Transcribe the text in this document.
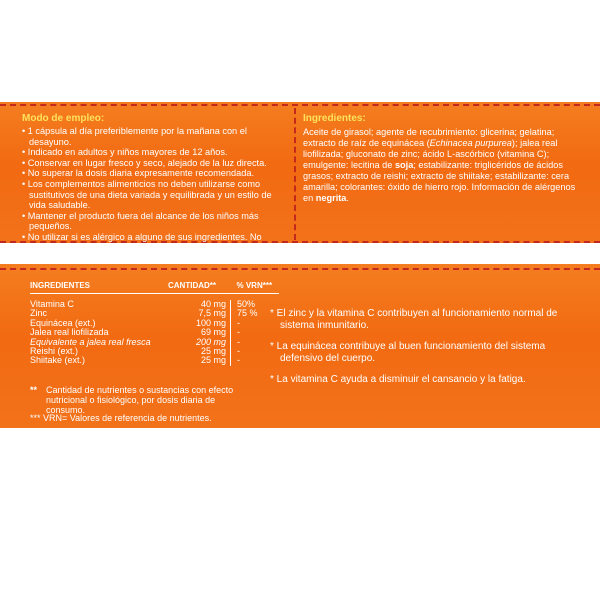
Modo de empleo:
• 1 cápsula al día preferiblemente por la mañana con el desayuno.
• Indicado en adultos y niños mayores de 12 años.
• Conservar en lugar fresco y seco, alejado de la luz directa.
• No superar la dosis diaria expresamente recomendada.
• Los complementos alimenticios no deben utilizarse como sustitutivos de una dieta variada y equilibrada y un estilo de vida saludable.
• Mantener el producto fuera del alcance de los niños más pequeños.
• No utilizar si es alérgico a alguno de sus ingredientes. No utilizar en caso de embarazo o lactancia.
Ingredientes:
Aceite de girasol; agente de recubrimiento: glicerina; gelatina; extracto de raíz de equinácea (Echinacea purpurea); jalea real liofilizada; gluconato de zinc; ácido L-ascórbico (vitamina C); emulgente: lecitina de soja; estabilizante: triglicéridos de ácidos grasos; extracto de reishi; extracto de shiitake; estabilizante: cera amarilla; colorantes: óxido de hierro rojo. Información de alérgenos en negrita.
INGREDIENTES	CANTIDAD**	% VRN***

Vitamina C	40 mg	50%
Zinc	7,5 mg	75 %
Equinácea (ext.)	100 mg	-
Jalea real liofilizada	69 mg	-
Equivalente a jalea real fresca	200 mg	-
Reishi (ext.)	25 mg	-
Shiitake (ext.)	25 mg	-
** Cantidad de nutrientes o sustancias con efecto nutricional o fisiológico, por dosis diaria de consumo.
*** VRN= Valores de referencia de nutrientes.
* El zinc y la vitamina C contribuyen al funcionamiento normal de sistema inmunitario.
* La equinácea contribuye al buen funcionamiento del sistema defensivo del cuerpo.
* La vitamina C ayuda a disminuir el cansancio y la fatiga.
